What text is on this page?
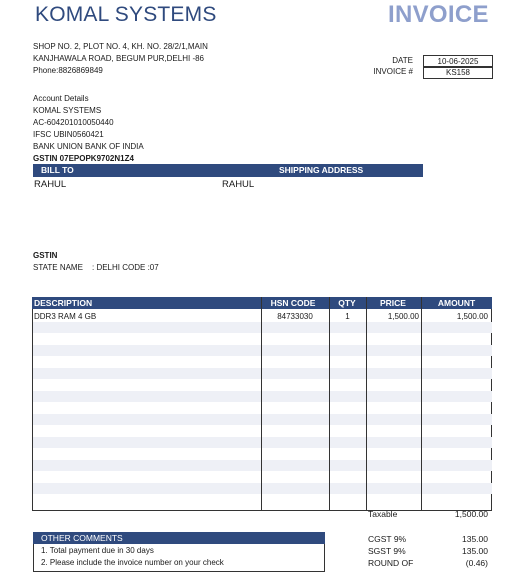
KOMAL SYSTEMS	INVOICE
SHOP NO. 2, PLOT NO. 4, KH. NO. 28/2/1,MAIN
KANJHAWALA ROAD, BEGUM PUR,DELHI -86
Phone:8826869849
DATE	10-06-2025
INVOICE #	KS158
Account Details
KOMAL SYSTEMS
AC-604201010050440
IFSC UBIN0560421
BANK UNION BANK OF INDIA
GSTIN 07EPOPK9702N1Z4
BILL TO	SHIPPING ADDRESS
RAHUL	RAHUL
GSTIN
STATE NAME : DELHI CODE :07
DESCRIPTION	HSN CODE	QTY	PRICE	AMOUNT
DDR3 RAM 4 GB	84733030	1	1,500.00	1,500.00
Taxable	1,500.00
CGST 9%	135.00
SGST 9%	135.00
ROUND OF	(0.46)
OTHER COMMENTS
1. Total payment due in 30 days
2. Please include the invoice number on your check
